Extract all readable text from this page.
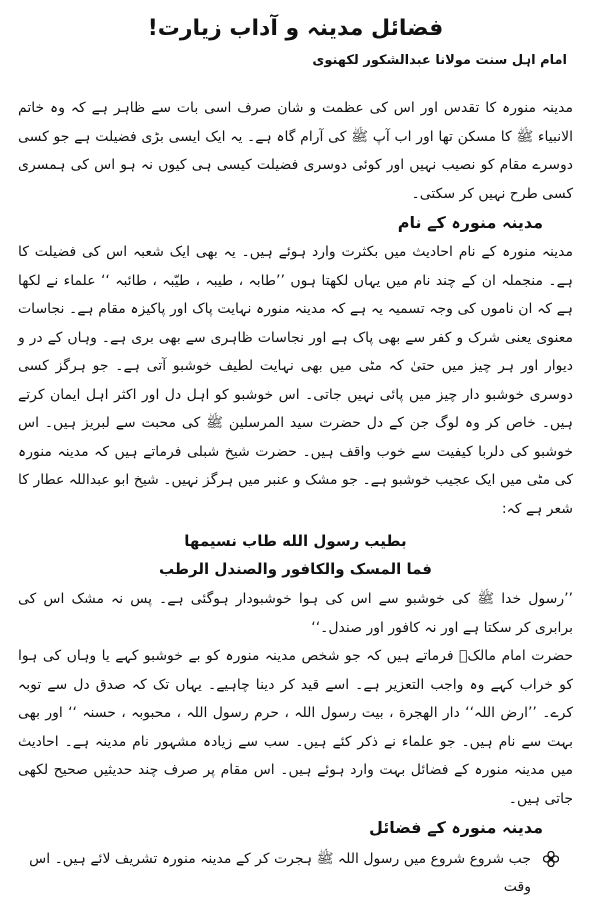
فضائل مدینہ و آداب زیارت!
امام اہل سنت مولانا عبدالشکور لکھنوی

مدینہ منورہ کا تقدس اور اس کی عظمت و شان صرف اسی بات سے ظاہر ہے کہ وہ خاتم الانبیاء ﷺ کا مسکن تھا اور اب آپ ﷺ کی آرام گاہ ہے۔ یہ ایک ایسی بڑی فضیلت ہے جو کسی دوسرے مقام کو نصیب نہیں اور کوئی دوسری فضیلت کیسی ہی کیوں نہ ہو اس کی ہمسری کسی طرح نہیں کر سکتی۔

مدینہ منورہ کے نام

مدینہ منورہ کے نام احادیث میں بکثرت وارد ہوئے ہیں۔ یہ بھی ایک شعبہ اس کی فضیلت کا ہے۔ منجملہ ان کے چند نام میں یہاں لکھتا ہوں ’’طابہ ، طیبہ ، طیّبہ ، طائبہ ‘‘ علماء نے لکھا ہے کہ ان ناموں کی وجہ تسمیہ یہ ہے کہ مدینہ منورہ نہایت پاک اور پاکیزہ مقام ہے۔ نجاسات معنوی یعنی شرک و کفر سے بھی پاک ہے اور نجاسات ظاہری سے بھی بری ہے۔ وہاں کے در و دیوار اور ہر چیز میں حتیٰ کہ مٹی میں بھی نہایت لطیف خوشبو آتی ہے۔ جو ہرگز کسی دوسری خوشبو دار چیز میں پائی نہیں جاتی۔ اس خوشبو کو اہل دل اور اکثر اہل ایمان کرتے ہیں۔ خاص کر وہ لوگ جن کے دل حضرت سید المرسلین ﷺ کی محبت سے لبریز ہیں۔ اس خوشبو کی دلربا کیفیت سے خوب واقف ہیں۔ حضرت شیخ شبلی فرماتے ہیں کہ مدینہ منورہ کی مٹی میں ایک عجیب خوشبو ہے۔ جو مشک و عنبر میں ہرگز نہیں۔ شیخ ابو عبداللہ عطار کا شعر ہے کہ:

بطیب رسول الله طاب نسیمها
فما المسک والکافور والصندل الرطب

’’رسول خدا ﷺ کی خوشبو سے اس کی ہوا خوشبودار ہوگئی ہے۔ پس نہ مشک اس کی برابری کر سکتا ہے اور نہ کافور اور صندل۔‘‘

حضرت امام مالکؒ فرماتے ہیں کہ جو شخص مدینہ منورہ کو بے خوشبو کہے یا وہاں کی ہوا کو خراب کہے وہ واجب التعزیر ہے۔ اسے قید کر دینا چاہیے۔ یہاں تک کہ صدق دل سے توبہ کرے۔ ’’ارض اللہ‘‘ دار الھجرة ، بیت رسول اللہ ، حرم رسول اللہ ، محبوبہ ، حسنہ ‘‘ اور بھی بہت سے نام ہیں۔ جو علماء نے ذکر کئے ہیں۔ سب سے زیادہ مشہور نام مدینہ ہے۔ احادیث میں مدینہ منورہ کے فضائل بہت وارد ہوئے ہیں۔ اس مقام پر صرف چند حدیثیں صحیح لکھی جاتی ہیں۔

مدینہ منورہ کے فضائل
جب شروع شروع میں رسول اللہ ﷺ ہجرت کر کے مدینہ منورہ تشریف لائے ہیں۔ اس وقت
